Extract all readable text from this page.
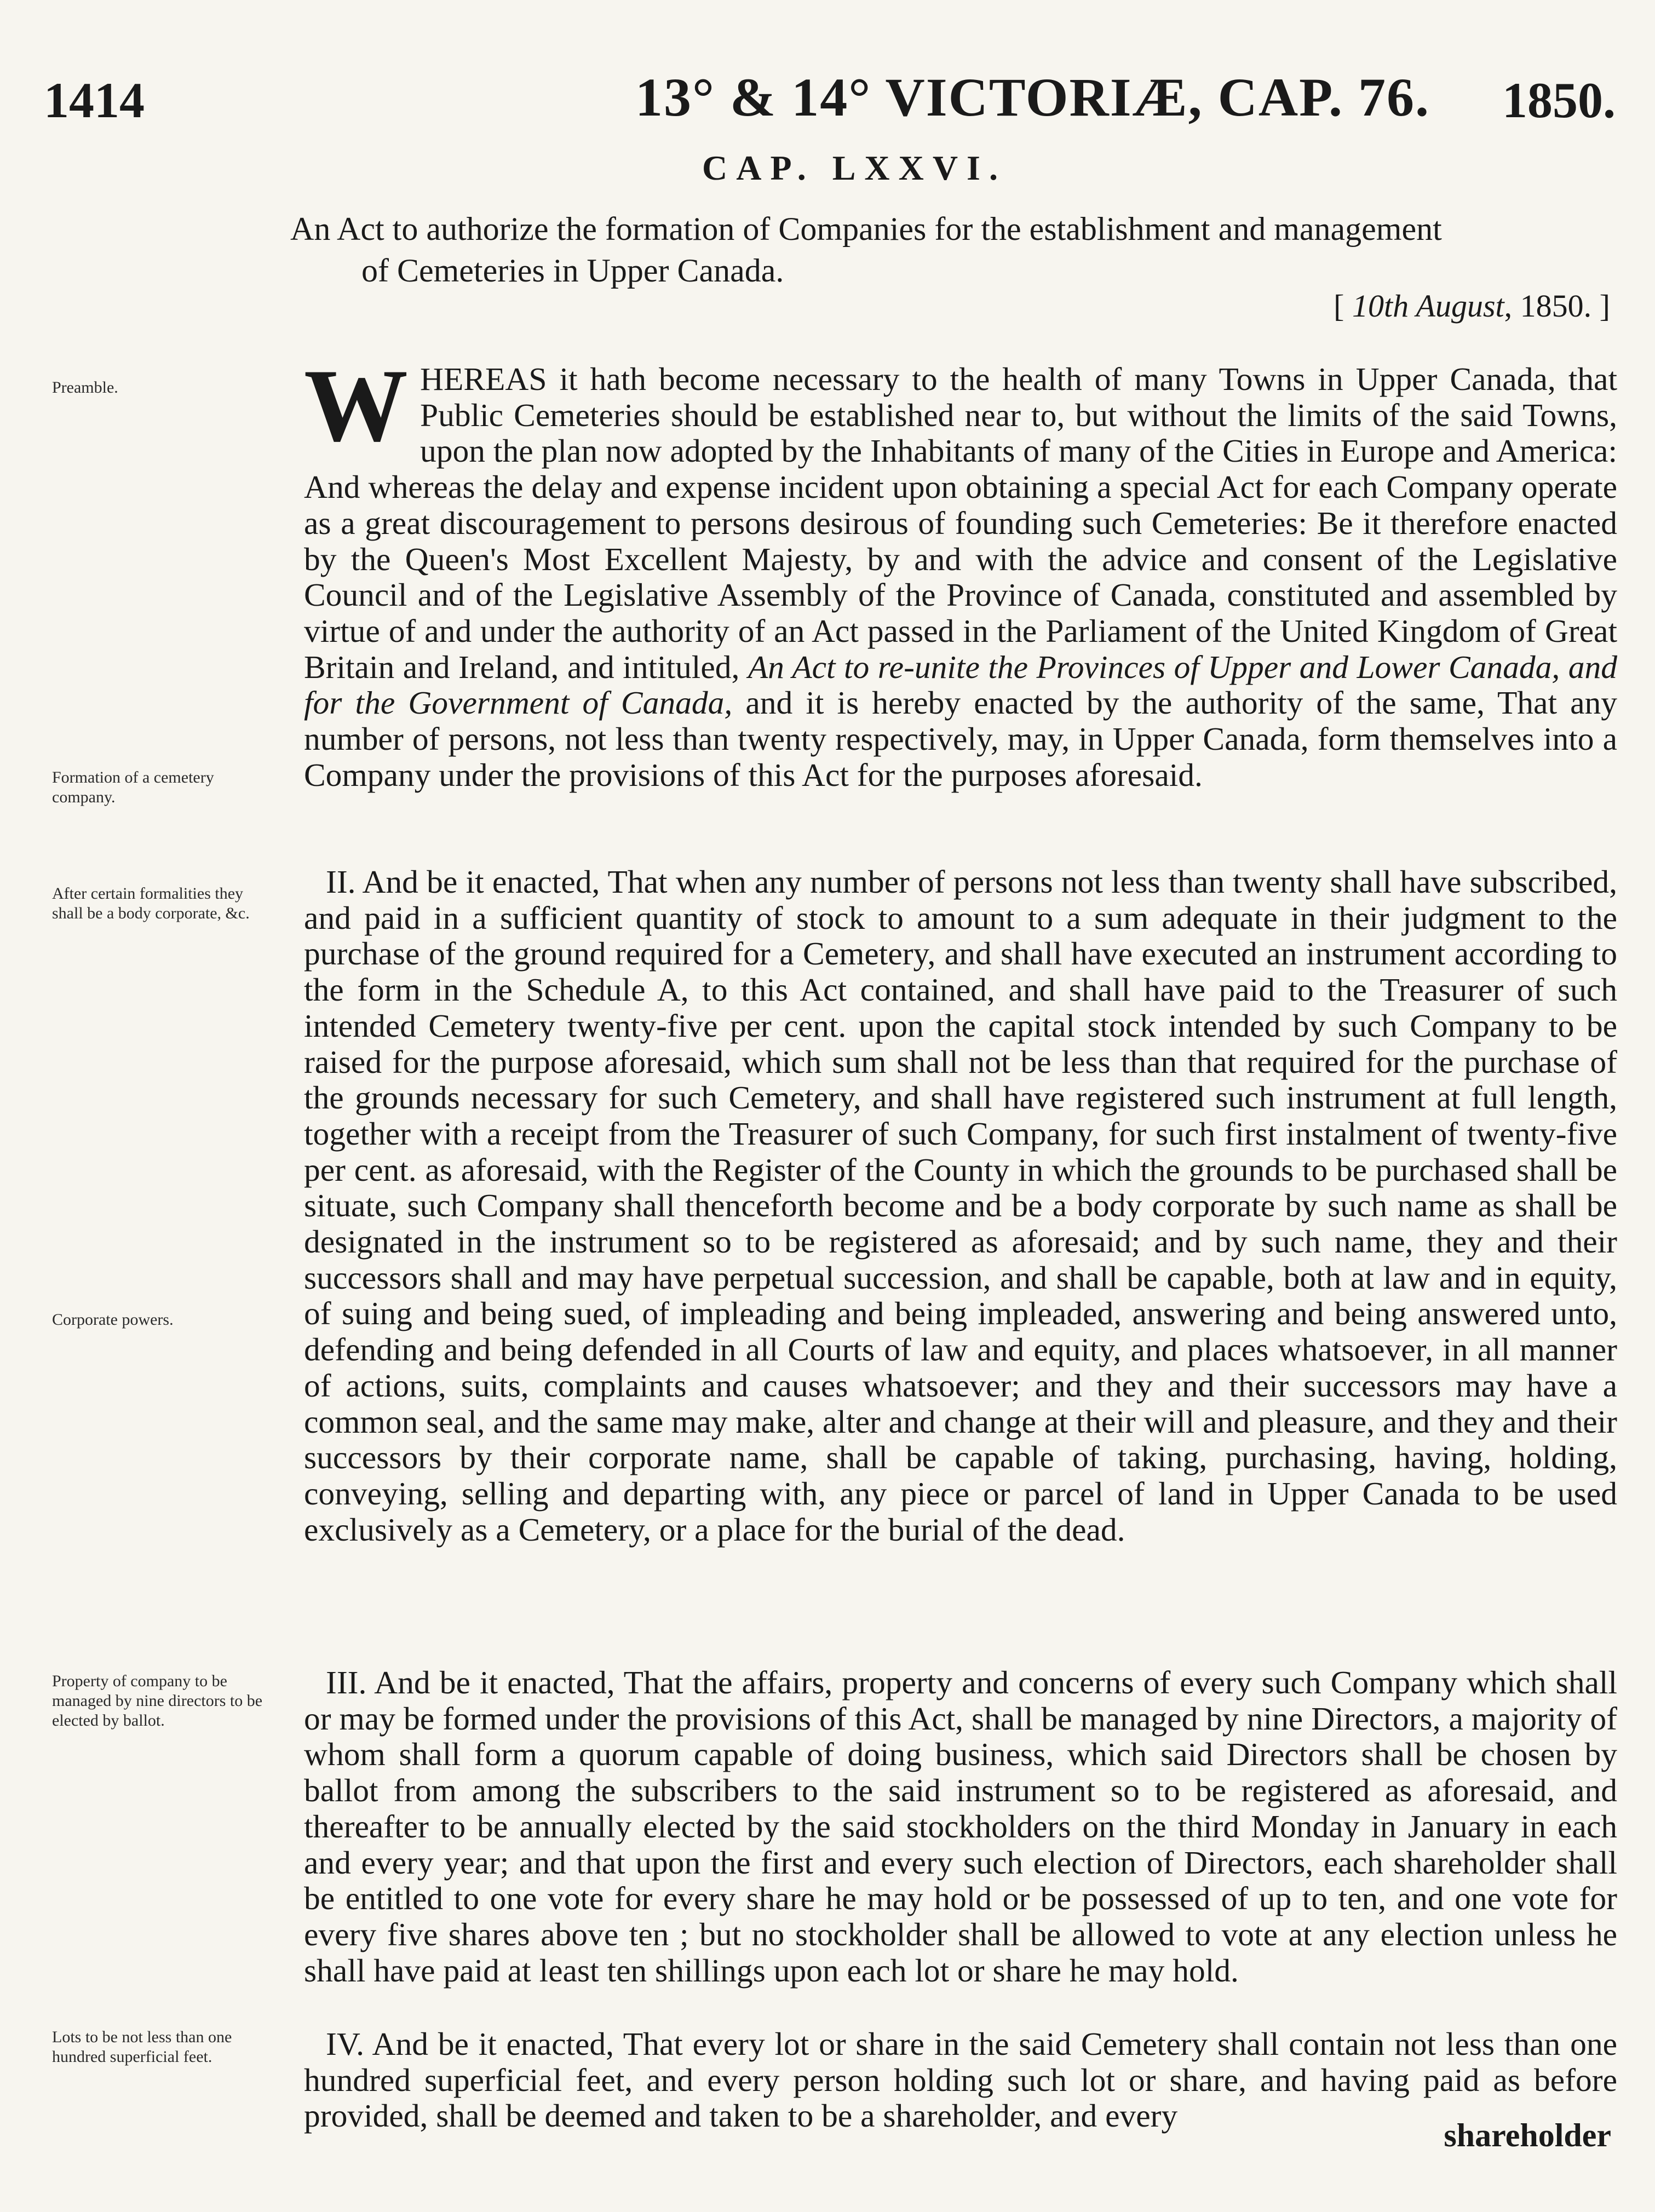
1414	13° & 14° VICTORIÆ, CAP. 76. 1850.
CAP. LXXVI.
An Act to authorize the formation of Companies for the establishment and management
of Cemeteries in Upper Canada.
[ 10th August, 1850. ]
Preamble.
Formation of a cemetery company.
After certain formalities they shall be a body corporate, &c.
Corporate powers.
Property of company to be managed by nine directors to be elected by ballot.
Lots to be not less than one hundred superficial feet.
WHEREAS it hath become necessary to the health of many Towns in Upper Canada, that Public Cemeteries should be established near to, but without the limits of the said Towns, upon the plan now adopted by the Inhabitants of many of the Cities in Europe and America: And whereas the delay and expense incident upon obtaining a special Act for each Company operate as a great discouragement to persons desirous of founding such Cemeteries: Be it therefore enacted by the Queen's Most Excellent Majesty, by and with the advice and consent of the Legislative Council and of the Legislative Assembly of the Province of Canada, constituted and assembled by virtue of and under the authority of an Act passed in the Parliament of the United Kingdom of Great Britain and Ireland, and intituled, An Act to re-unite the Provinces of Upper and Lower Canada, and for the Government of Canada, and it is hereby enacted by the authority of the same, That any number of persons, not less than twenty respectively, may, in Upper Canada, form themselves into a Company under the provisions of this Act for the purposes aforesaid.
II. And be it enacted, That when any number of persons not less than twenty shall have subscribed, and paid in a sufficient quantity of stock to amount to a sum adequate in their judgment to the purchase of the ground required for a Cemetery, and shall have executed an instrument according to the form in the Schedule A, to this Act contained, and shall have paid to the Treasurer of such intended Cemetery twenty-five per cent. upon the capital stock intended by such Company to be raised for the purpose aforesaid, which sum shall not be less than that required for the purchase of the grounds necessary for such Cemetery, and shall have registered such instrument at full length, together with a receipt from the Treasurer of such Company, for such first instalment of twenty-five per cent. as aforesaid, with the Register of the County in which the grounds to be purchased shall be situate, such Company shall thenceforth become and be a body corporate by such name as shall be designated in the instrument so to be registered as aforesaid; and by such name, they and their successors shall and may have perpetual succession, and shall be capable, both at law and in equity, of suing and being sued, of impleading and being impleaded, answering and being answered unto, defending and being defended in all Courts of law and equity, and places whatsoever, in all manner of actions, suits, complaints and causes whatsoever; and they and their successors may have a common seal, and the same may make, alter and change at their will and pleasure, and they and their successors by their corporate name, shall be capable of taking, purchasing, having, holding, conveying, selling and departing with, any piece or parcel of land in Upper Canada to be used exclusively as a Cemetery, or a place for the burial of the dead.
III. And be it enacted, That the affairs, property and concerns of every such Company which shall or may be formed under the provisions of this Act, shall be managed by nine Directors, a majority of whom shall form a quorum capable of doing business, which said Directors shall be chosen by ballot from among the subscribers to the said instrument so to be registered as aforesaid, and thereafter to be annually elected by the said stockholders on the third Monday in January in each and every year; and that upon the first and every such election of Directors, each shareholder shall be entitled to one vote for every share he may hold or be possessed of up to ten, and one vote for every five shares above ten ; but no stockholder shall be allowed to vote at any election unless he shall have paid at least ten shillings upon each lot or share he may hold.
IV. And be it enacted, That every lot or share in the said Cemetery shall contain not less than one hundred superficial feet, and every person holding such lot or share, and having paid as before provided, shall be deemed and taken to be a shareholder, and every
shareholder
